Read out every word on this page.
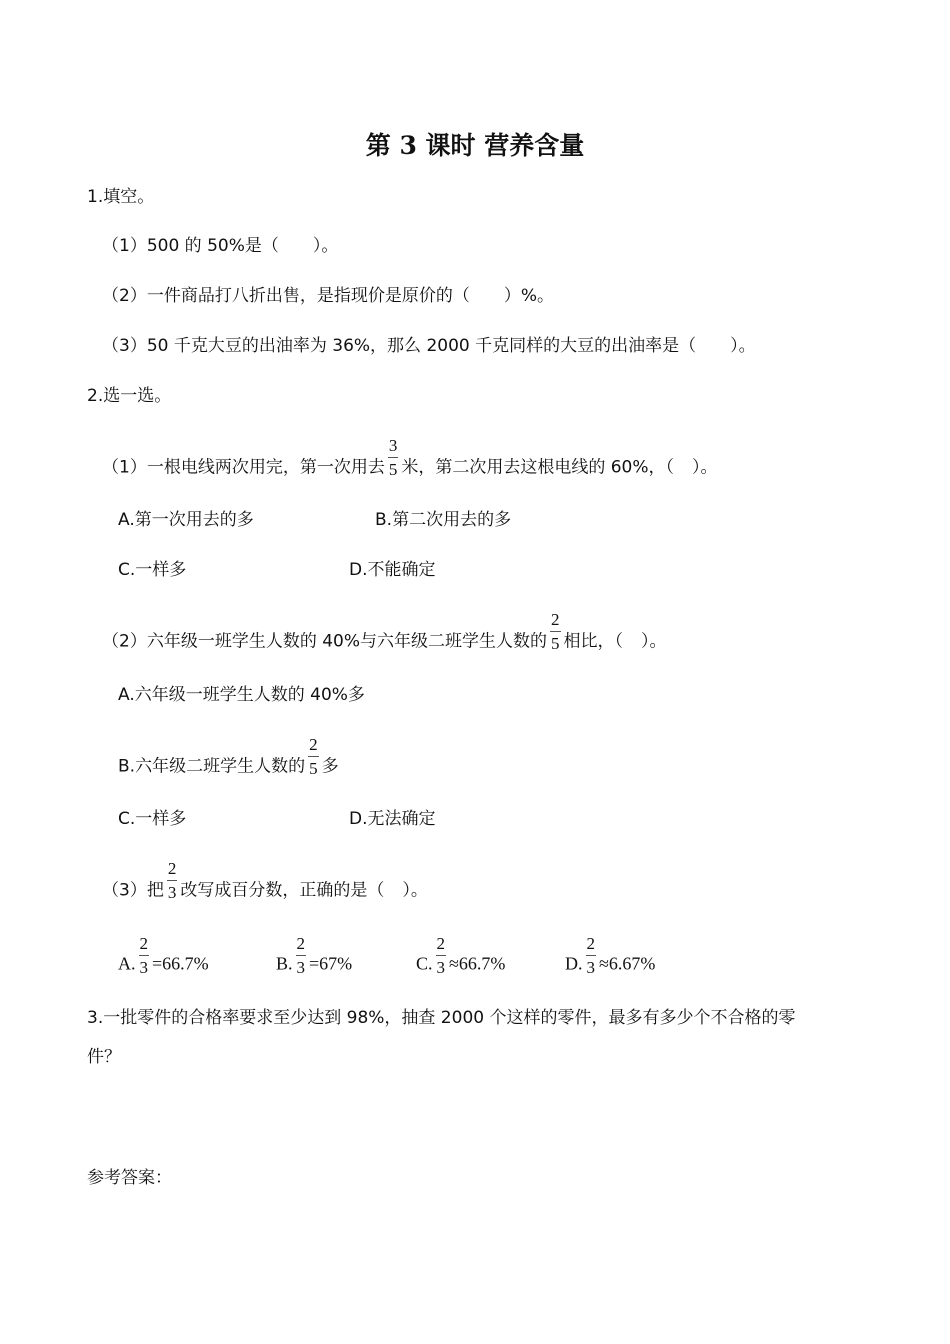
第 3 课时 营养含量
1.填空。
（1）500 的 50%是（ ）。
（2）一件商品打八折出售，是指现价是原价的（ ）%。
（3）50 千克大豆的出油率为 36%，那么 2000 千克同样的大豆的出油率是（ ）。
2.选一选。
（1）一根电线两次用完，第一次用去 $\frac{3}{5}$ 米，第二次用去这根电线的 60%，（ ）。
A.第一次用去的多	B.第二次用去的多
C.一样多	D.不能确定
（2）六年级一班学生人数的 40%与六年级二班学生人数的 $\frac{2}{5}$ 相比，（ ）。
A.六年级一班学生人数的 40%多
B.六年级二班学生人数的 $\frac{2}{5}$ 多
C.一样多	D.无法确定
（3）把 $\frac{2}{3}$ 改写成百分数，正确的是（ ）。
A. $\frac{2}{3} =66.7\%$	B. $\frac{2}{3} =67\%$	C. $\frac{2}{3} \approx 66.7\%$	D. $\frac{2}{3} \approx 6.67\%$
3.一批零件的合格率要求至少达到 98%，抽查 2000 个这样的零件，最多有多少个不合格的零
件？
参考答案：
